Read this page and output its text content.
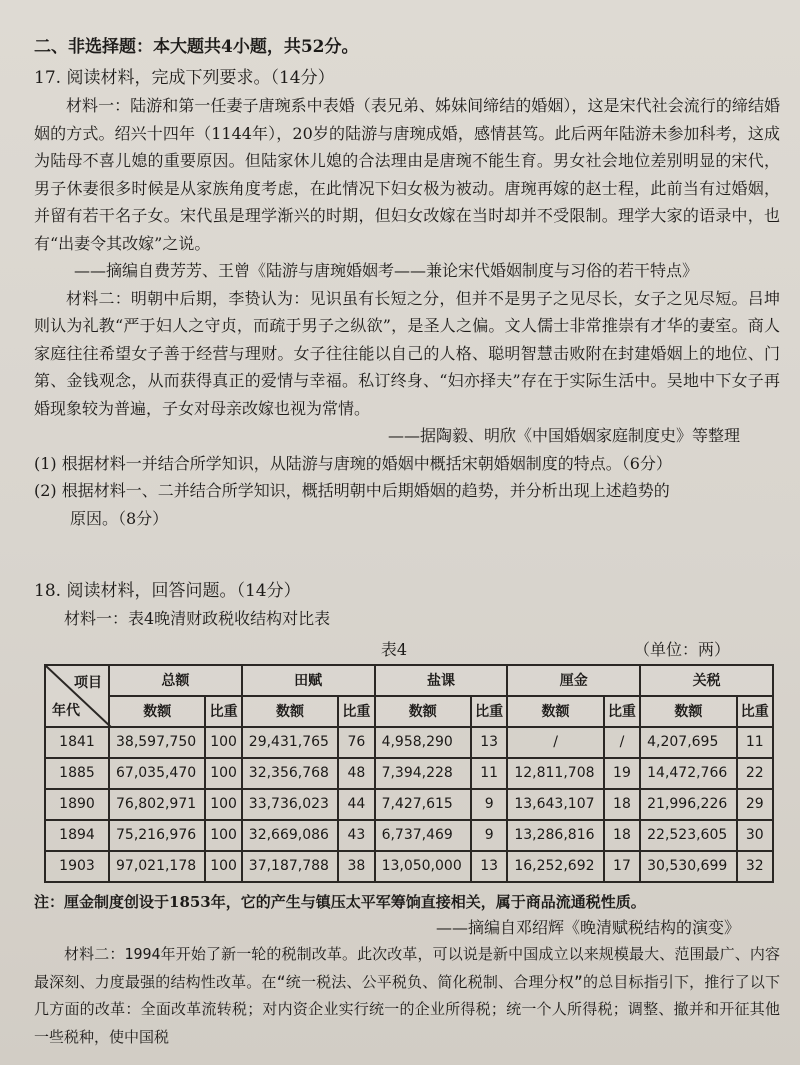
二、非选择题：本大题共4小题，共52分。
17. 阅读材料，完成下列要求。（14分）

材料一：陆游和第一任妻子唐琬系中表婚（表兄弟、姊妹间缔结的婚姻），这是宋代社会流行的缔结婚姻的方式。绍兴十四年（1144年），20岁的陆游与唐琬成婚，感情甚笃。此后两年陆游未参加科考，这成为陆母不喜儿媳的重要原因。但陆家休儿媳的合法理由是唐琬不能生育。男女社会地位差别明显的宋代，男子休妻很多时候是从家族角度考虑，在此情况下妇女极为被动。唐琬再嫁的赵士程，此前当有过婚姻，并留有若干名子女。宋代虽是理学渐兴的时期，但妇女改嫁在当时却并不受限制。理学大家的语录中，也有“出妻令其改嫁”之说。

——摘编自费芳芳、王曾《陆游与唐琬婚姻考——兼论宋代婚姻制度与习俗的若干特点》

材料二：明朝中后期，李贽认为：见识虽有长短之分，但并不是男子之见尽长，女子之见尽短。吕坤则认为礼教“严于妇人之守贞，而疏于男子之纵欲”，是圣人之偏。文人儒士非常推崇有才华的妻室。商人家庭往往希望女子善于经营与理财。女子往往能以自己的人格、聪明智慧击败附在封建婚姻上的地位、门第、金钱观念，从而获得真正的爱情与幸福。私订终身、“妇亦择夫”存在于实际生活中。吴地中下女子再婚现象较为普遍，子女对母亲改嫁也视为常情。

——据陶毅、明欣《中国婚姻家庭制度史》等整理

(1) 根据材料一并结合所学知识，从陆游与唐琬的婚姻中概括宋朝婚姻制度的特点。（6分）

(2) 根据材料一、二并结合所学知识，概括明朝中后期婚姻的趋势，并分析出现上述趋势的

原因。（8分）

18. 阅读材料，回答问题。（14分）
材料一：表4晚清财政税收结构对比表
表4	（单位：两）
项目
年代	总额		田赋		盐课		厘金		关税	
	数额	比重	数额	比重	数额	比重	数额	比重	数额	比重
1841	38,597,750	100	29,431,765	76	4,958,290	13	/	/	4,207,695	11
1885	67,035,470	100	32,356,768	48	7,394,228	11	12,811,708	19	14,472,766	22
1890	76,802,971	100	33,736,023	44	7,427,615	9	13,643,107	18	21,996,226	29
1894	75,216,976	100	32,669,086	43	6,737,469	9	13,286,816	18	22,523,605	30
1903	97,021,178	100	37,187,788	38	13,050,000	13	16,252,692	17	30,530,699	32
注：厘金制度创设于1853年，它的产生与镇压太平军筹饷直接相关，属于商品流通税性质。

——摘编自邓绍辉《晚清赋税结构的演变》

材料二：1994年开始了新一轮的税制改革。此次改革，可以说是新中国成立以来规模最大、范围最广、内容最深刻、力度最强的结构性改革。在“统一税法、公平税负、简化税制、合理分权”的总目标指引下，推行了以下几方面的改革：全面改革流转税；对内资企业实行统一的企业所得税；统一个人所得税；调整、撤并和开征其他一些税种，使中国税
